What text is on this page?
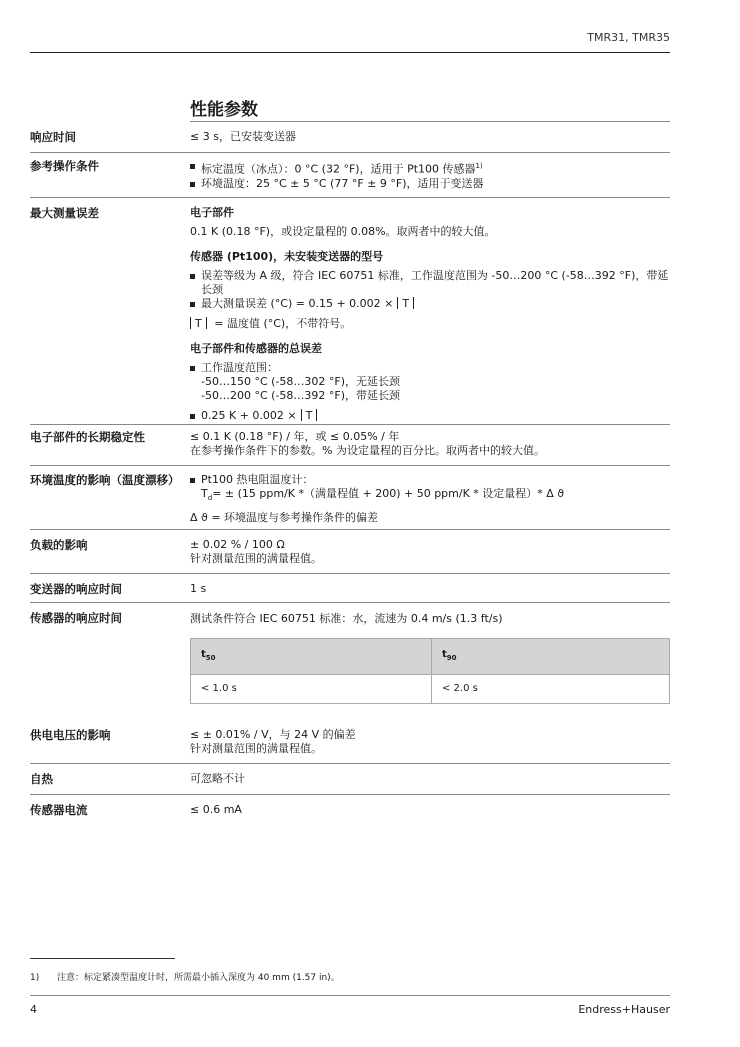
TMR31, TMR35
性能参数
响应时间	≤ 3 s，已安装变送器
参考操作条件	标定温度（冰点）：0 °C (32 °F)，适用于 Pt100 传感器$^{1)}$
环境温度：25 °C ± 5 °C (77 °F ± 9 °F)，适用于变送器
最大测量误差	电子部件

0.1 K (0.18 °F)，或设定量程的 0.08%。取两者中的较大值。

传感器 (Pt100)，未安装变送器的型号

误差等级为 A 级，符合 IEC 60751 标准，工作温度范围为 -50…200 °C (-58…392 °F)，带延长颈
最大测量误差 (°C) = 0.15 + 0.002 × T

T = 温度值 (°C)，不带符号。

电子部件和传感器的总误差

工作温度范围：
-50…150 °C (-58…302 °F)，无延长颈
-50…200 °C (-58…392 °F)，带延长颈
0.25 K + 0.002 × T
电子部件的长期稳定性	≤ 0.1 K (0.18 °F) / 年，或 ≤ 0.05% / 年

在参考操作条件下的参数。% 为设定量程的百分比。取两者中的较大值。

环境温度的影响（温度漂移） Pt100 热电阻温度计：
$T_d= \pm (15$ ppm/K *（满量程值 + 200) + 50 ppm/K * 设定量程）* Δ ϑ

Δ ϑ = 环境温度与参考操作条件的偏差

负载的影响	± 0.02 % / 100 Ω

针对测量范围的满量程值。

变送器的响应时间	1 s
传感器的响应时间	测试条件符合 IEC 60751 标准：水，流速为 0.4 m/s (1.3 ft/s)

$t_{50}$	$t_{90}$
< 1.0 s	< 2.0 s
供电电压的影响	≤ ± 0.01% / V，与 24 V 的偏差

针对测量范围的满量程值。

自热	可忽略不计
传感器电流	≤ 0.6 mA
1) 注意：标定紧凑型温度计时，所需最小插入深度为 40 mm (1.57 in)。
4	Endress+Hauser
